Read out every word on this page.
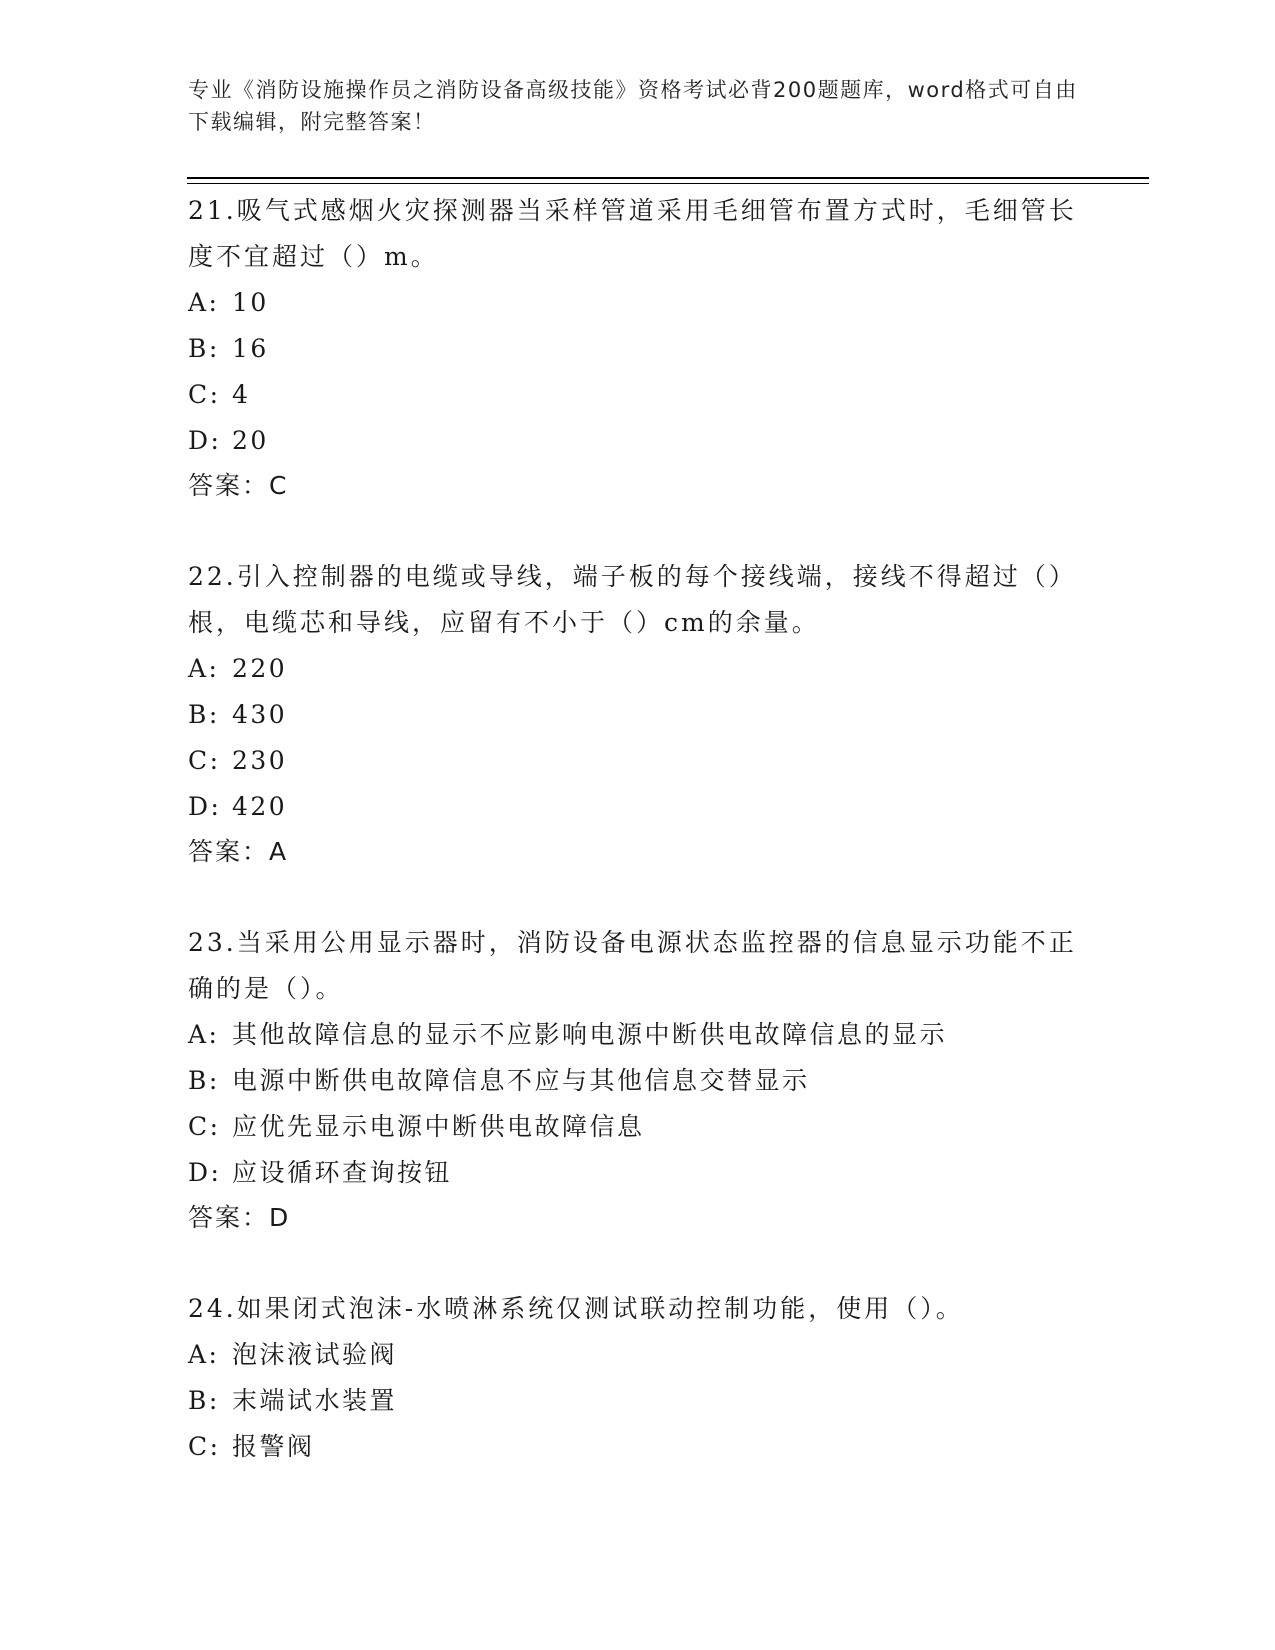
专业《消防设施操作员之消防设备高级技能》资格考试必背200题题库，word格式可自由下载编辑，附完整答案！

21.吸气式感烟火灾探测器当采样管道采用毛细管布置方式时，毛细管长度不宜超过（）m。

A: 10
B: 16
C: 4
D: 20

答案：C

22.引入控制器的电缆或导线，端子板的每个接线端，接线不得超过（）根，电缆芯和导线，应留有不小于（）cm的余量。

A: 220
B: 430
C: 230
D: 420

答案：A

23.当采用公用显示器时，消防设备电源状态监控器的信息显示功能不正确的是（）。

A: 其他故障信息的显示不应影响电源中断供电故障信息的显示
B: 电源中断供电故障信息不应与其他信息交替显示
C: 应优先显示电源中断供电故障信息
D: 应设循环查询按钮

答案：D

24.如果闭式泡沫-水喷淋系统仅测试联动控制功能，使用（）。

A: 泡沫液试验阀
B: 末端试水装置
C: 报警阀
